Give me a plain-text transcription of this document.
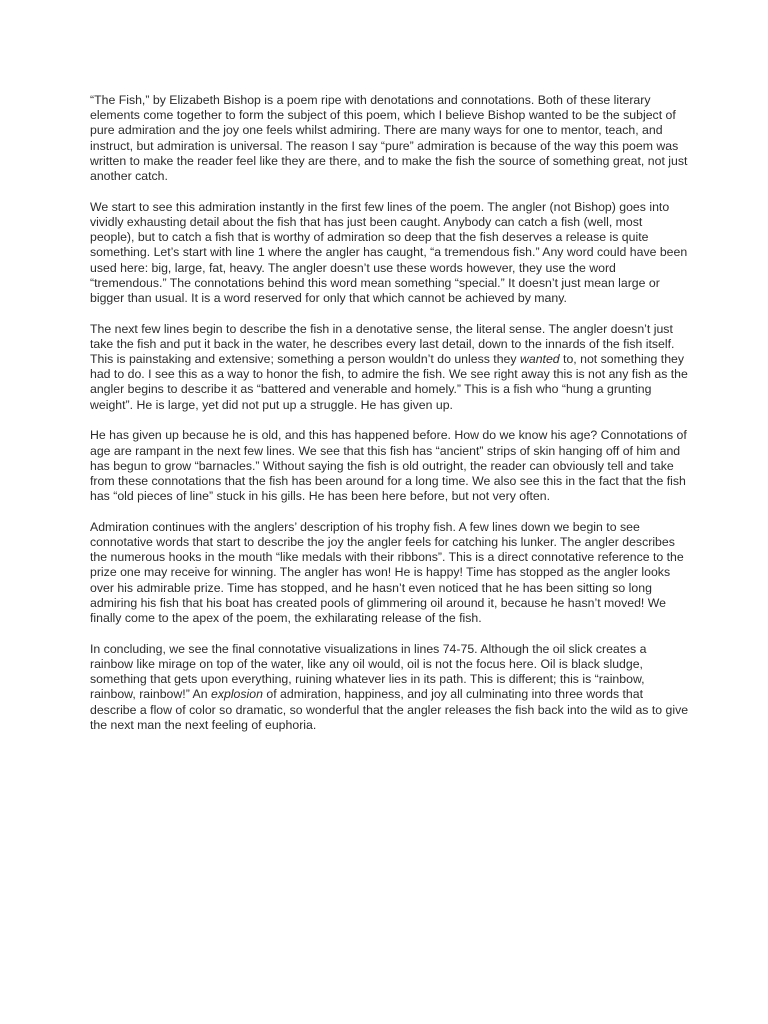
“The Fish,” by Elizabeth Bishop is a poem ripe with denotations and connotations. Both of these literary elements come together to form the subject of this poem, which I believe Bishop wanted to be the subject of pure admiration and the joy one feels whilst admiring. There are many ways for one to mentor, teach, and instruct, but admiration is universal. The reason I say “pure” admiration is because of the way this poem was written to make the reader feel like they are there, and to make the fish the source of something great, not just another catch.

We start to see this admiration instantly in the first few lines of the poem. The angler (not Bishop) goes into vividly exhausting detail about the fish that has just been caught. Anybody can catch a fish (well, most people), but to catch a fish that is worthy of admiration so deep that the fish deserves a release is quite something. Let’s start with line 1 where the angler has caught, “a tremendous fish.” Any word could have been used here: big, large, fat, heavy. The angler doesn’t use these words however, they use the word “tremendous.” The connotations behind this word mean something “special.” It doesn’t just mean large or bigger than usual. It is a word reserved for only that which cannot be achieved by many.

The next few lines begin to describe the fish in a denotative sense, the literal sense. The angler doesn’t just take the fish and put it back in the water, he describes every last detail, down to the innards of the fish itself. This is painstaking and extensive; something a person wouldn’t do unless they wanted to, not something they had to do. I see this as a way to honor the fish, to admire the fish. We see right away this is not any fish as the angler begins to describe it as “battered and venerable and homely.” This is a fish who “hung a grunting weight”. He is large, yet did not put up a struggle. He has given up.

He has given up because he is old, and this has happened before. How do we know his age? Connotations of age are rampant in the next few lines. We see that this fish has “ancient” strips of skin hanging off of him and has begun to grow “barnacles.” Without saying the fish is old outright, the reader can obviously tell and take from these connotations that the fish has been around for a long time. We also see this in the fact that the fish has “old pieces of line” stuck in his gills. He has been here before, but not very often.

Admiration continues with the anglers’ description of his trophy fish. A few lines down we begin to see connotative words that start to describe the joy the angler feels for catching his lunker. The angler describes the numerous hooks in the mouth “like medals with their ribbons”. This is a direct connotative reference to the prize one may receive for winning. The angler has won! He is happy! Time has stopped as the angler looks over his admirable prize. Time has stopped, and he hasn’t even noticed that he has been sitting so long admiring his fish that his boat has created pools of glimmering oil around it, because he hasn’t moved! We finally come to the apex of the poem, the exhilarating release of the fish.

In concluding, we see the final connotative visualizations in lines 74-75. Although the oil slick creates a rainbow like mirage on top of the water, like any oil would, oil is not the focus here. Oil is black sludge, something that gets upon everything, ruining whatever lies in its path. This is different; this is “rainbow, rainbow, rainbow!” An explosion of admiration, happiness, and joy all culminating into three words that describe a flow of color so dramatic, so wonderful that the angler releases the fish back into the wild as to give the next man the next feeling of euphoria.
